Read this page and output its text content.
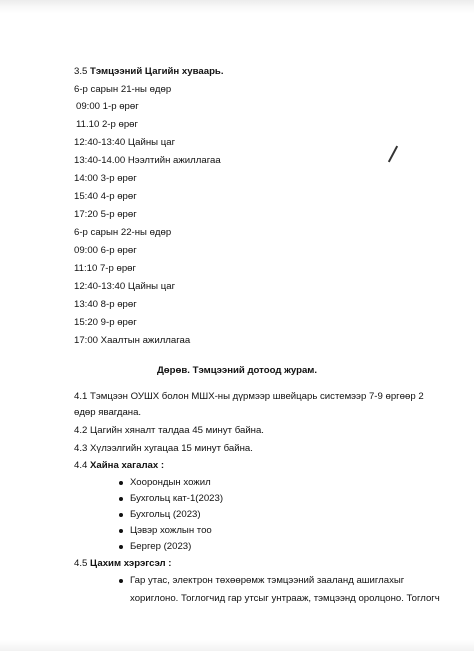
3.5 Тэмцээний Цагийн хуваарь.
6-р сарын 21-ны өдөр
09:00 1-р өрөг
11.10 2-р өрөг
12:40-13:40 Цайны цаг
13:40-14.00 Нээлтийн ажиллагаа
14:00 3-р өрөг
15:40 4-р өрөг
17:20 5-р өрөг
6-р сарын 22-ны өдөр
09:00 6-р өрөг
11:10 7-р өрөг
12:40-13:40 Цайны цаг
13:40 8-р өрөг
15:20 9-р өрөг
17:00 Хаалтын ажиллагаа
Дөрөв. Тэмцээний дотоод журам.
4.1 Тэмцээн ОУШХ болон МШХ-ны дүрмээр швейцарь системээр 7-9 өргөөр 2
өдөр явагдана.
4.2 Цагийн хяналт талдаа 45 минут байна.
4.3 Хүлээлгийн хугацаа 15 минут байна.
4.4 Хайна хагалах :
Хоорондын хожил
Бухгольц кат-1(2023)
Бухгольц (2023)
Цэвэр хожлын тоо
Бергер (2023)
4.5 Цахим хэрэгсэл :
Гар утас, электрон төхөөрөмж тэмцээний зааланд ашиглахыг
хориглоно. Тоглогчид гар утсыг унтрааж, тэмцээнд оролцоно. Тоглогч
